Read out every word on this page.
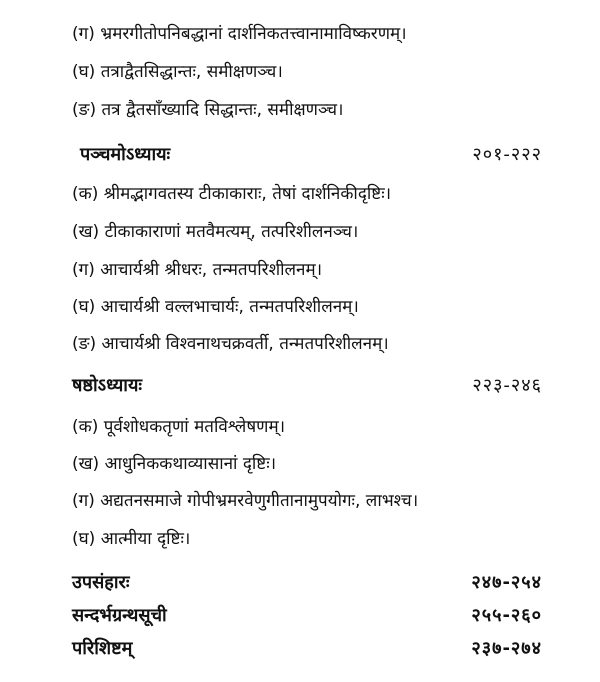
(ग) भ्रमरगीतोपनिबद्धानां दार्शनिकतत्त्वानामाविष्करणम्।
(घ) तत्राद्वैतसिद्धान्तः, समीक्षणञ्च।
(ङ) तत्र द्वैतसाँख्यादि सिद्धान्तः, समीक्षणञ्च।
पञ्चमोऽध्यायः	२०१-२२२
(क) श्रीमद्भागवतस्य टीकाकाराः, तेषां दार्शनिकीदृष्टिः।
(ख) टीकाकाराणां मतवैमत्यम्, तत्परिशीलनञ्च।
(ग) आचार्यश्री श्रीधरः, तन्मतपरिशीलनम्।
(घ) आचार्यश्री वल्लभाचार्यः, तन्मतपरिशीलनम्।
(ङ) आचार्यश्री विश्वनाथचक्रवर्ती, तन्मतपरिशीलनम्।
षष्ठोऽध्यायः	२२३-२४६
(क) पूर्वशोधकतृणां मतविश्लेषणम्।
(ख) आधुनिककथाव्यासानां दृष्टिः।
(ग) अद्यतनसमाजे गोपीभ्रमरवेणुगीतानामुपयोगः, लाभश्च।
(घ) आत्मीया दृष्टिः।
उपसंहारः	२४७-२५४
सन्दर्भग्रन्थसूची	२५५-२६०
परिशिष्टम्	२३७-२७४
